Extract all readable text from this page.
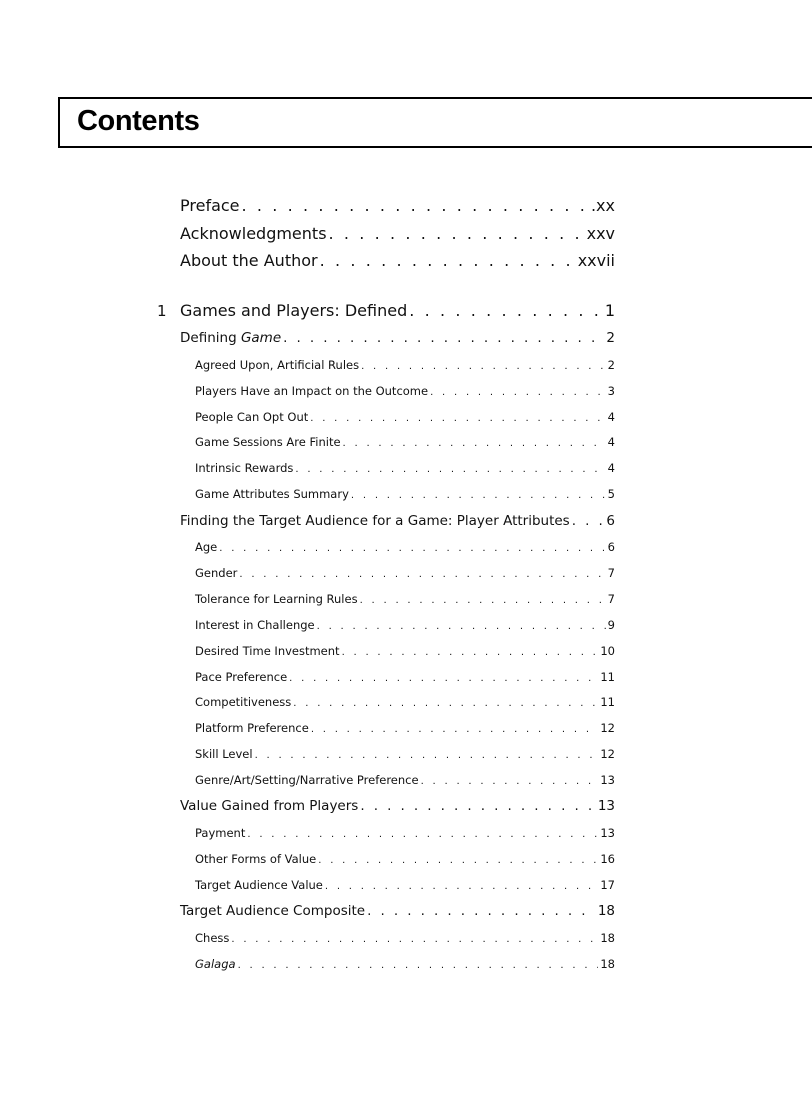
Contents
Preface . . .	.xx
Acknowledgments . . .	xxv
About the Author . . .	xxvii
1 Games and Players: Defined . . .	1
Defining Game . . .	2
Agreed Upon, Artificial Rules . . .	2
Players Have an Impact on the Outcome . . .	3
People Can Opt Out . . .	4
Game Sessions Are Finite . . .	4
Intrinsic Rewards . . .	4
Game Attributes Summary . . .	5
Finding the Target Audience for a Game: Player Attributes . . .	6
Age . . .	6
Gender . . .	7
Tolerance for Learning Rules . . .	7
Interest in Challenge . . .	9
Desired Time Investment . . .	10
Pace Preference . . .	11
Competitiveness . . .	11
Platform Preference . . .	12
Skill Level . . .	12
Genre/Art/Setting/Narrative Preference . . .	13
Value Gained from Players . . .	13
Payment . . .	13
Other Forms of Value . . .	16
Target Audience Value . . .	17
Target Audience Composite . . .	18
Chess . . .	18
Galaga . . .	18
